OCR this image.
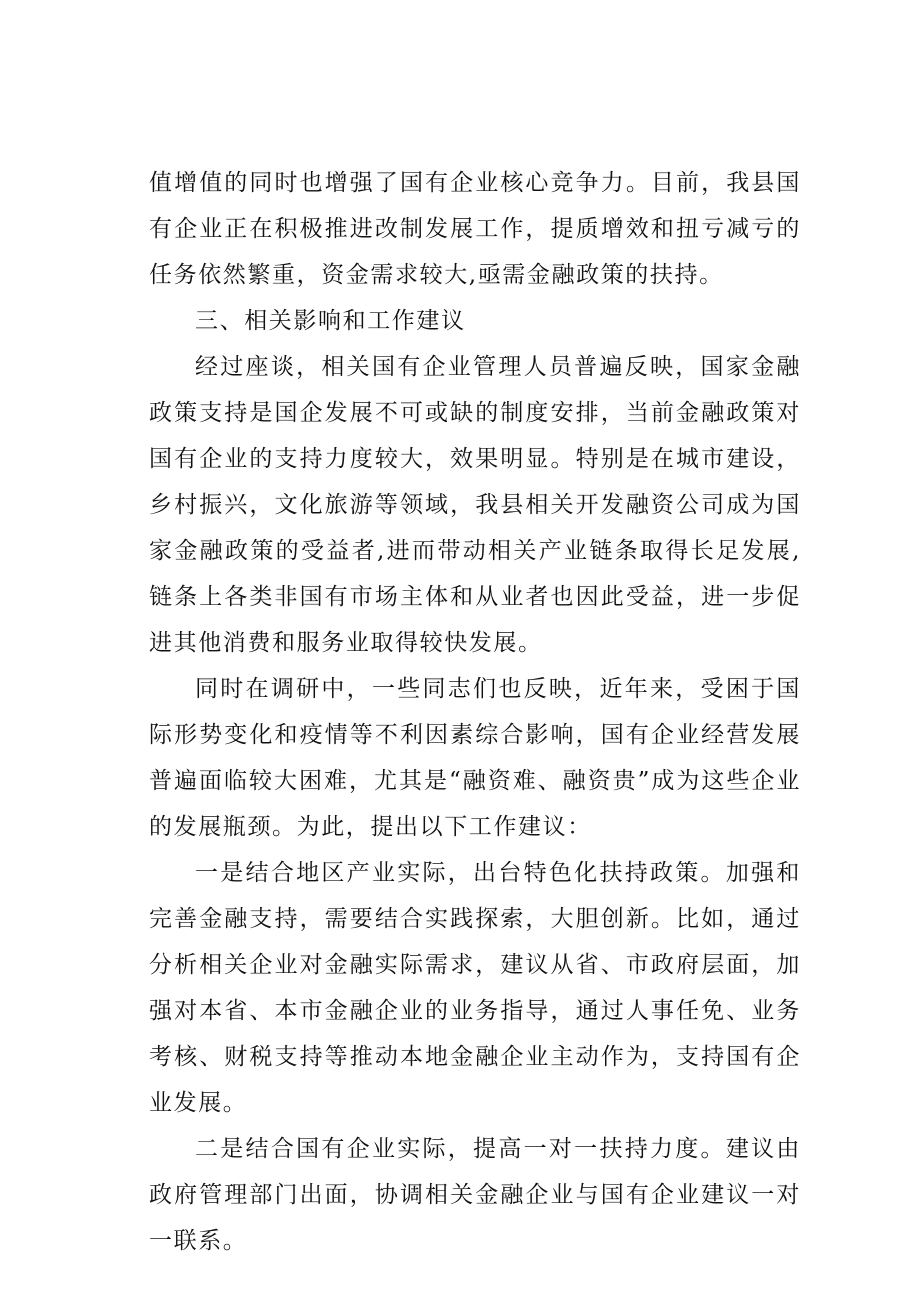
值增值的同时也增强了国有企业核心竞争力。目前，我县国有企业正在积极推进改制发展工作，提质增效和扭亏减亏的任务依然繁重，资金需求较大,亟需金融政策的扶持。

三、相关影响和工作建议

经过座谈，相关国有企业管理人员普遍反映，国家金融政策支持是国企发展不可或缺的制度安排，当前金融政策对国有企业的支持力度较大，效果明显。特别是在城市建设，乡村振兴，文化旅游等领域，我县相关开发融资公司成为国家金融政策的受益者,进而带动相关产业链条取得长足发展,链条上各类非国有市场主体和从业者也因此受益，进一步促进其他消费和服务业取得较快发展。

同时在调研中，一些同志们也反映，近年来，受困于国际形势变化和疫情等不利因素综合影响，国有企业经营发展普遍面临较大困难，尤其是“融资难、融资贵”成为这些企业的发展瓶颈。为此，提出以下工作建议：

一是结合地区产业实际，出台特色化扶持政策。加强和完善金融支持，需要结合实践探索，大胆创新。比如，通过分析相关企业对金融实际需求，建议从省、市政府层面，加强对本省、本市金融企业的业务指导，通过人事任免、业务考核、财税支持等推动本地金融企业主动作为，支持国有企业发展。

二是结合国有企业实际，提高一对一扶持力度。建议由政府管理部门出面，协调相关金融企业与国有企业建议一对一联系。
